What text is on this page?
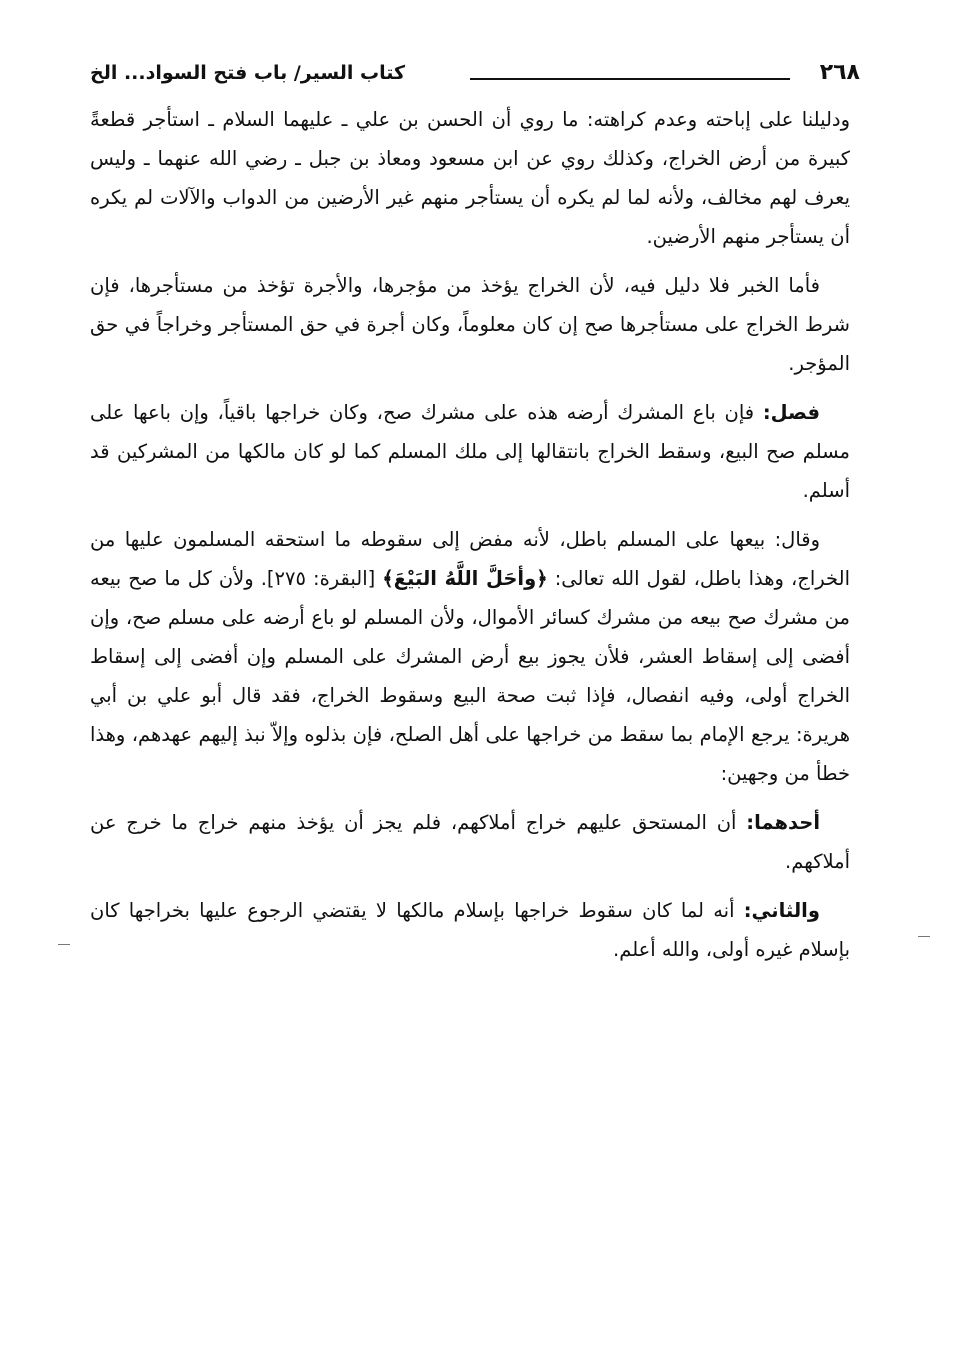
٢٦٨
كتاب السير/ باب فتح السواد... الخ

ودليلنا على إباحته وعدم كراهته: ما روي أن الحسن بن علي ـ عليهما السلام ـ استأجر قطعةً كبيرة من أرض الخراج، وكذلك روي عن ابن مسعود ومعاذ بن جبل ـ رضي الله عنهما ـ وليس يعرف لهم مخالف، ولأنه لما لم يكره أن يستأجر منهم غير الأرضين من الدواب والآلات لم يكره أن يستأجر منهم الأرضين.

فأما الخبر فلا دليل فيه، لأن الخراج يؤخذ من مؤجرها، والأجرة تؤخذ من مستأجرها، فإن شرط الخراج على مستأجرها صح إن كان معلوماً، وكان أجرة في حق المستأجر وخراجاً في حق المؤجر.

فصل: فإن باع المشرك أرضه هذه على مشرك صح، وكان خراجها باقياً، وإن باعها على مسلم صح البيع، وسقط الخراج بانتقالها إلى ملك المسلم كما لو كان مالكها من المشركين قد أسلم.

وقال: بيعها على المسلم باطل، لأنه مفض إلى سقوطه ما استحقه المسلمون عليها من الخراج، وهذا باطل، لقول الله تعالى: ﴿وأحَلَّ اللَّهُ البَيْعَ﴾ [البقرة: ٢٧٥]. ولأن كل ما صح بيعه من مشرك صح بيعه من مشرك كسائر الأموال، ولأن المسلم لو باع أرضه على مسلم صح، وإن أفضى إلى إسقاط العشر، فلأن يجوز بيع أرض المشرك على المسلم وإن أفضى إلى إسقاط الخراج أولى، وفيه انفصال، فإذا ثبت صحة البيع وسقوط الخراج، فقد قال أبو علي بن أبي هريرة: يرجع الإمام بما سقط من خراجها على أهل الصلح، فإن بذلوه وإلاّ نبذ إليهم عهدهم، وهذا خطأ من وجهين:

أحدهما: أن المستحق عليهم خراج أملاكهم، فلم يجز أن يؤخذ منهم خراج ما خرج عن أملاكهم.

والثاني: أنه لما كان سقوط خراجها بإسلام مالكها لا يقتضي الرجوع عليها بخراجها كان بإسلام غيره أولى، والله أعلم.
